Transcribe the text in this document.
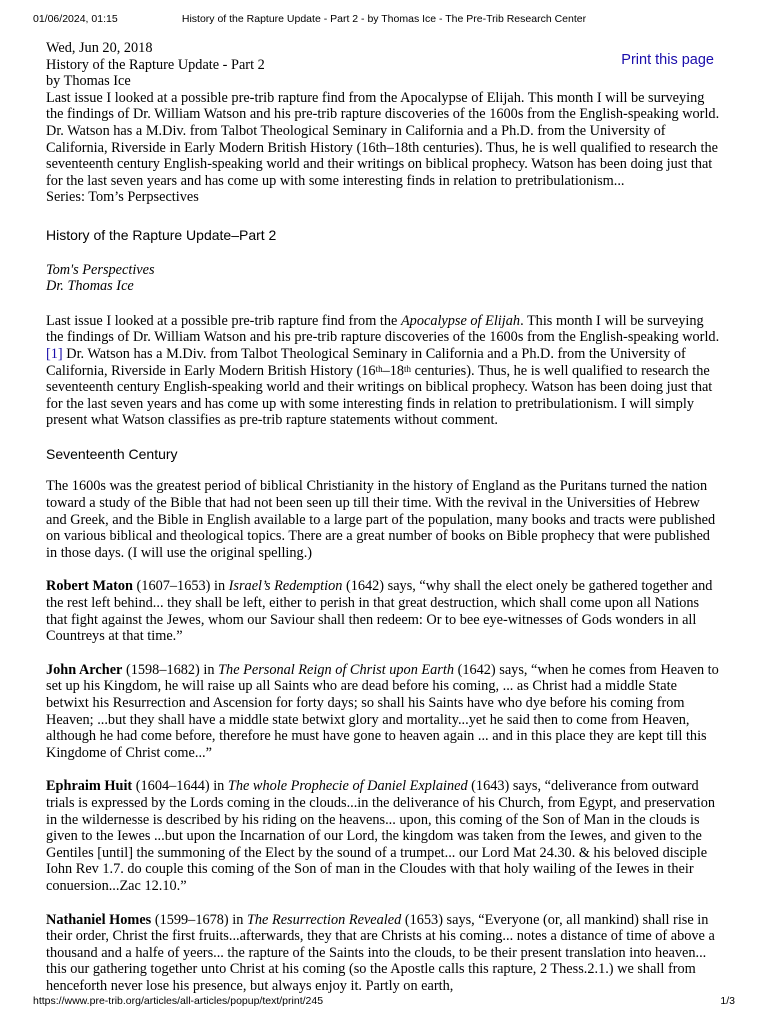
01/06/2024, 01:15	History of the Rapture Update - Part 2 - by Thomas Ice - The Pre-Trib Research Center
Print this page
Wed, Jun 20, 2018
History of the Rapture Update - Part 2
by Thomas Ice
Last issue I looked at a possible pre-trib rapture find from the Apocalypse of Elijah. This month I will be surveying the findings of Dr. William Watson and his pre-trib rapture discoveries of the 1600s from the English-speaking world. Dr. Watson has a M.Div. from Talbot Theological Seminary in California and a Ph.D. from the University of California, Riverside in Early Modern British History (16th–18th centuries). Thus, he is well qualified to research the seventeenth century English-speaking world and their writings on biblical prophecy. Watson has been doing just that for the last seven years and has come up with some interesting finds in relation to pretribulationism...
Series: Tom’s Perpsectives
History of the Rapture Update–Part 2
Tom's Perspectives
Dr. Thomas Ice

Last issue I looked at a possible pre-trib rapture find from the Apocalypse of Elijah. This month I will be surveying the findings of Dr. William Watson and his pre-trib rapture discoveries of the 1600s from the English-speaking world.[1] Dr. Watson has a M.Div. from Talbot Theological Seminary in California and a Ph.D. from the University of California, Riverside in Early Modern British History (16th–18th centuries). Thus, he is well qualified to research the seventeenth century English-speaking world and their writings on biblical prophecy. Watson has been doing just that for the last seven years and has come up with some interesting finds in relation to pretribulationism. I will simply present what Watson classifies as pre-trib rapture statements without comment.

Seventeenth Century

The 1600s was the greatest period of biblical Christianity in the history of England as the Puritans turned the nation toward a study of the Bible that had not been seen up till their time. With the revival in the Universities of Hebrew and Greek, and the Bible in English available to a large part of the population, many books and tracts were published on various biblical and theological topics. There are a great number of books on Bible prophecy that were published in those days. (I will use the original spelling.)

Robert Maton (1607–1653) in Israel’s Redemption (1642) says, “why shall the elect onely be gathered together and the rest left behind... they shall be left, either to perish in that great destruction, which shall come upon all Nations that fight against the Jewes, whom our Saviour shall then redeem: Or to bee eye-witnesses of Gods wonders in all Countreys at that time.”

John Archer (1598–1682) in The Personal Reign of Christ upon Earth (1642) says, “when he comes from Heaven to set up his Kingdom, he will raise up all Saints who are dead before his coming, ... as Christ had a middle State betwixt his Resurrection and Ascension for forty days; so shall his Saints have who dye before his coming from Heaven; ...but they shall have a middle state betwixt glory and mortality...yet he said then to come from Heaven, although he had come before, therefore he must have gone to heaven again ... and in this place they are kept till this Kingdome of Christ come...”

Ephraim Huit (1604–1644) in The whole Prophecie of Daniel Explained (1643) says, “deliverance from outward trials is expressed by the Lords coming in the clouds...in the deliverance of his Church, from Egypt, and preservation in the wildernesse is described by his riding on the heavens... upon, this coming of the Son of Man in the clouds is given to the Iewes ...but upon the Incarnation of our Lord, the kingdom was taken from the Iewes, and given to the Gentiles [until] the summoning of the Elect by the sound of a trumpet... our Lord Mat 24.30. & his beloved disciple Iohn Rev 1.7. do couple this coming of the Son of man in the Cloudes with that holy wailing of the Iewes in their conuersion...Zac 12.10.”

Nathaniel Homes (1599–1678) in The Resurrection Revealed (1653) says, “Everyone (or, all mankind) shall rise in their order, Christ the first fruits...afterwards, they that are Christs at his coming... notes a distance of time of above a thousand and a halfe of yeers... the rapture of the Saints into the clouds, to be their present translation into heaven... this our gathering together unto Christ at his coming (so the Apostle calls this rapture, 2 Thess.2.1.) we shall from henceforth never lose his presence, but always enjoy it. Partly on earth,

https://www.pre-trib.org/articles/all-articles/popup/text/print/245	1/3
